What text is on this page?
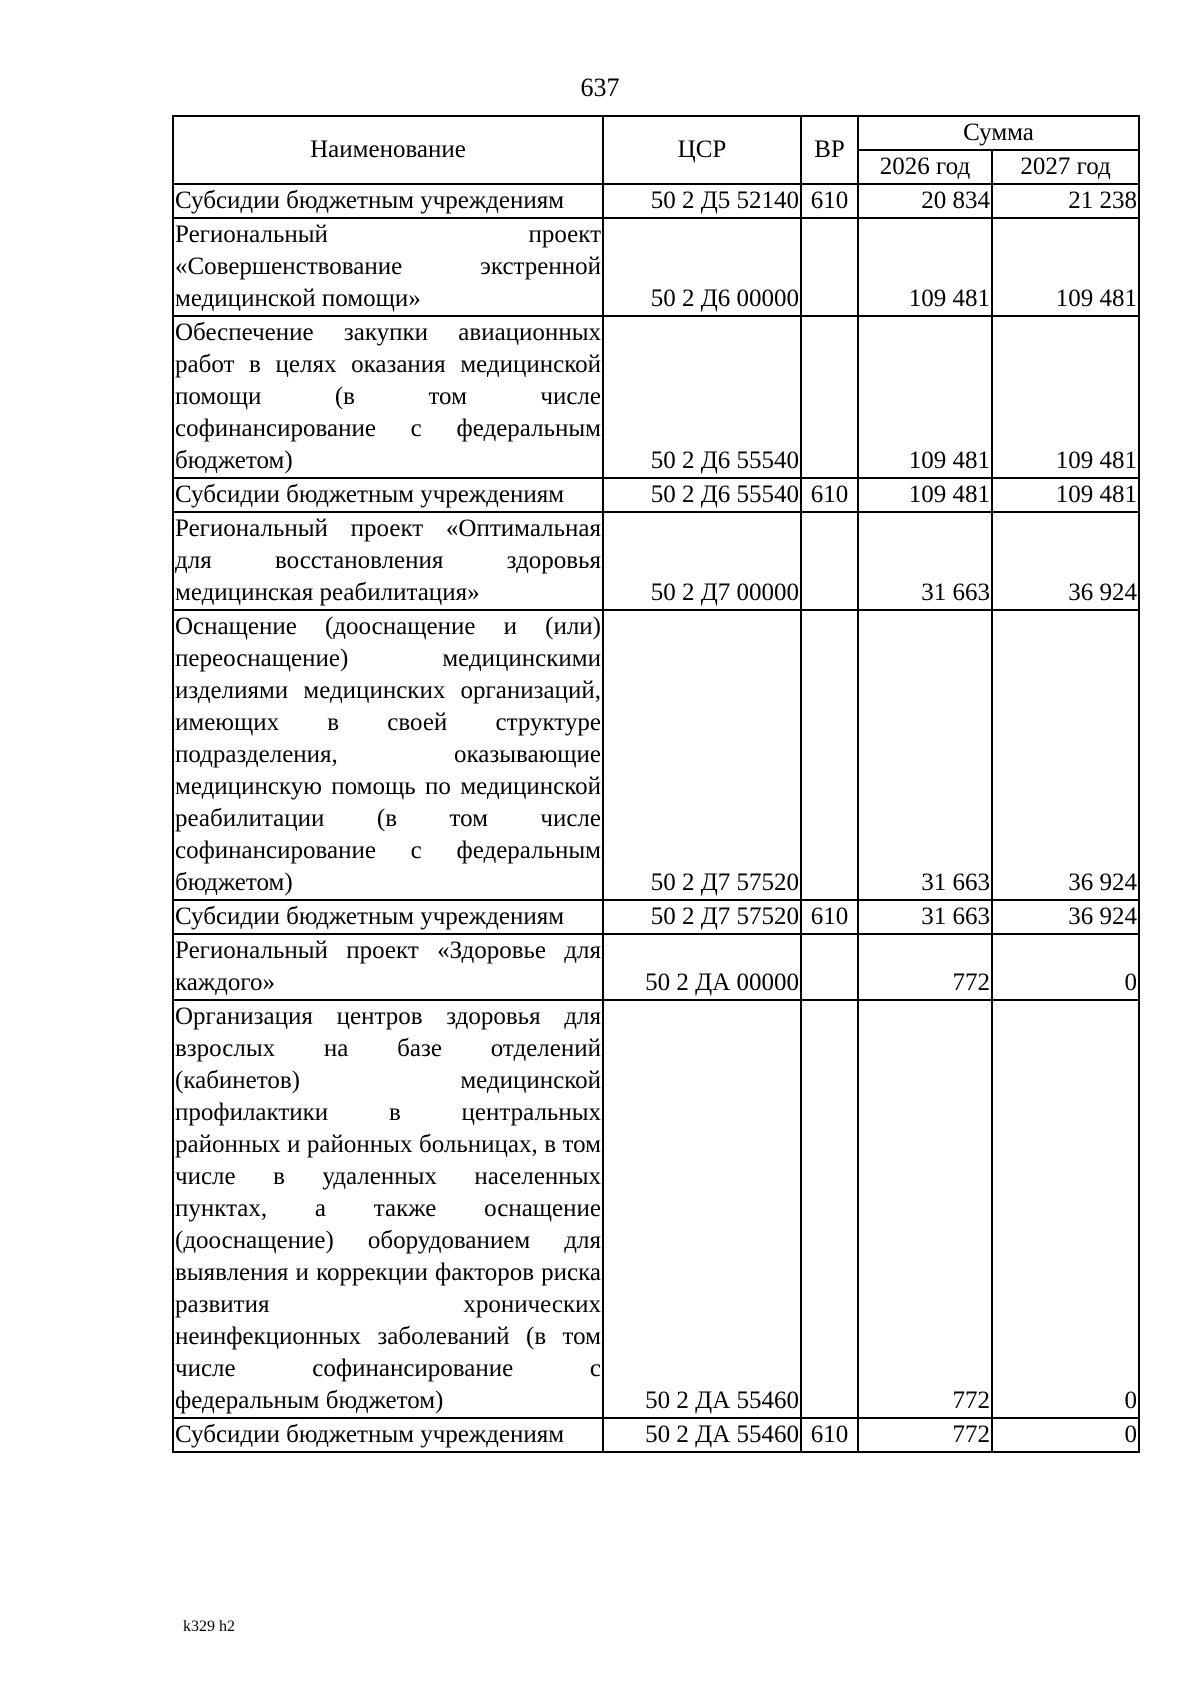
637
Наименование	ЦСР	ВР	Сумма	
			2026 год	2027 год
Субсидии бюджетным учреждениям	50 2 Д5 52140	610	20 834	21 238
Региональный проект «Совершенствование экстренной медицинской помощи»	50 2 Д6 00000		109 481	109 481
Обеспечение закупки авиационных работ в целях оказания медицинской помощи (в том числе софинансирование с федеральным бюджетом)	50 2 Д6 55540		109 481	109 481
Субсидии бюджетным учреждениям	50 2 Д6 55540	610	109 481	109 481
Региональный проект «Оптимальная для восстановления здоровья медицинская реабилитация»	50 2 Д7 00000		31 663	36 924
Оснащение (дооснащение и (или) переоснащение) медицинскими изделиями медицинских организаций, имеющих в своей структуре подразделения, оказывающие медицинскую помощь по медицинской реабилитации (в том числе софинансирование с федеральным бюджетом)	50 2 Д7 57520		31 663	36 924
Субсидии бюджетным учреждениям	50 2 Д7 57520	610	31 663	36 924
Региональный проект «Здоровье для каждого»	50 2 ДА 00000		772	0
Организация центров здоровья для взрослых на базе отделений (кабинетов) медицинской профилактики в центральных районных и районных больницах, в том числе в удаленных населенных пунктах, а также оснащение (дооснащение) оборудованием для выявления и коррекции факторов риска развития хронических неинфекционных заболеваний (в том числе софинансирование с федеральным бюджетом)	50 2 ДА 55460		772	0
Субсидии бюджетным учреждениям	50 2 ДА 55460	610	772	0
k329 h2
